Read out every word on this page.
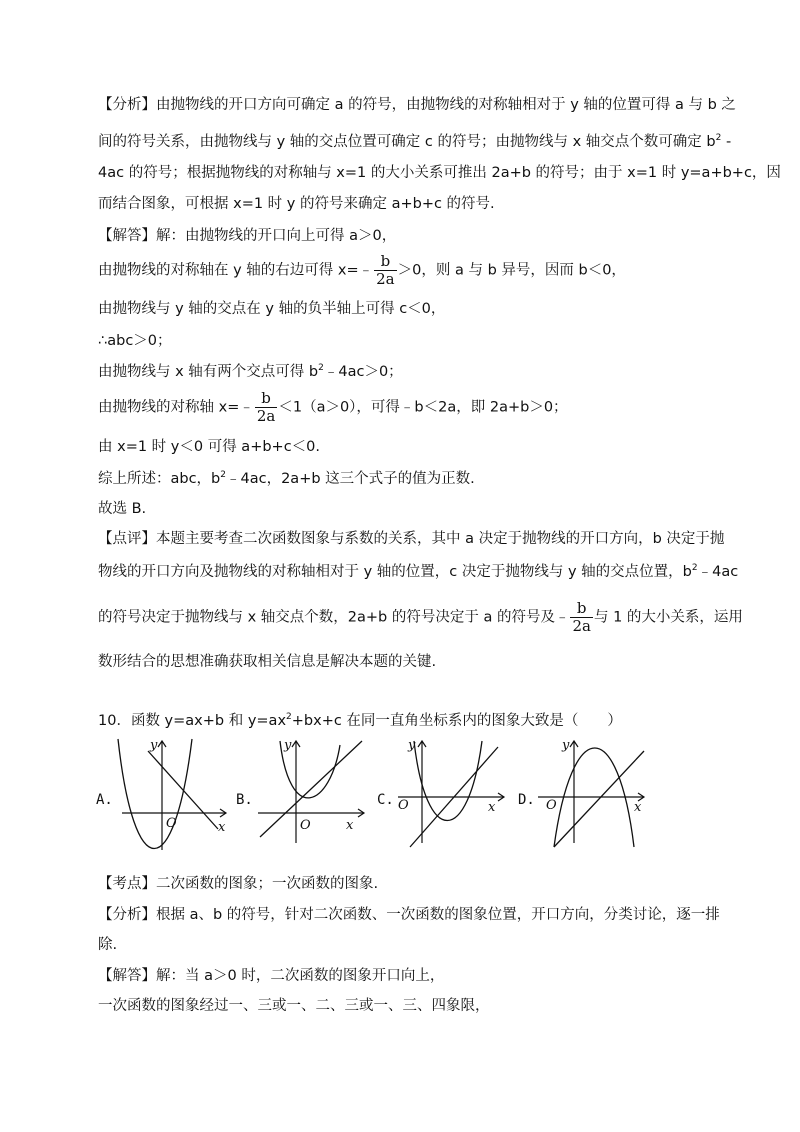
【分析】由抛物线的开口方向可确定 a 的符号，由抛物线的对称轴相对于 y 轴的位置可得 a 与 b 之
间的符号关系，由抛物线与 y 轴的交点位置可确定 c 的符号；由抛物线与 x 轴交点个数可确定 $b^2$ -
4ac 的符号；根据抛物线的对称轴与 x=1 的大小关系可推出 2a+b 的符号；由于 x=1 时 y=a+b+c，因
而结合图象，可根据 x=1 时 y 的符号来确定 a+b+c 的符号.
【解答】解：由抛物线的开口向上可得 a＞0，
由抛物线的对称轴在 y 轴的右边可得 x=﹣ $\frac{b}{2a} >0$，则 a 与 b 异号，因而 b＜0，
由抛物线与 y 轴的交点在 y 轴的负半轴上可得 c＜0，
∴abc＞0；
由抛物线与 x 轴有两个交点可得 $b^2﹣4ac>0$；
由抛物线的对称轴 x=﹣ $\frac{b}{2a} <1(a>0)$，可得﹣b＜2a，即 2a+b＞0；
由 x=1 时 y＜0 可得 a+b+c＜0.
综上所述：abc，$b^2﹣4ac$，2a+b 这三个式子的值为正数.
故选 B.
【点评】本题主要考查二次函数图象与系数的关系，其中 a 决定于抛物线的开口方向，b 决定于抛
物线的开口方向及抛物线的对称轴相对于 y 轴的位置，c 决定于抛物线与 y 轴的交点位置，$b^2﹣4ac$
的符号决定于抛物线与 x 轴交点个数，2a+b 的符号决定于 a 的符号及﹣ $\frac{b}{2a}$ 与 1 的大小关系，运用
数形结合的思想准确获取相关信息是解决本题的关键.
10．函数 y=ax+b 和 $y=ax^2+bx+c$ 在同一直角坐标系内的图象大致是（　　）
A.
y
O	x
B.
y
O	x
C.
y
O	x D.
y
O	x
【考点】二次函数的图象；一次函数的图象.
【分析】根据 a、b 的符号，针对二次函数、一次函数的图象位置，开口方向，分类讨论，逐一排
除.
【解答】解：当 a＞0 时，二次函数的图象开口向上，
一次函数的图象经过一、三或一、二、三或一、三、四象限，
